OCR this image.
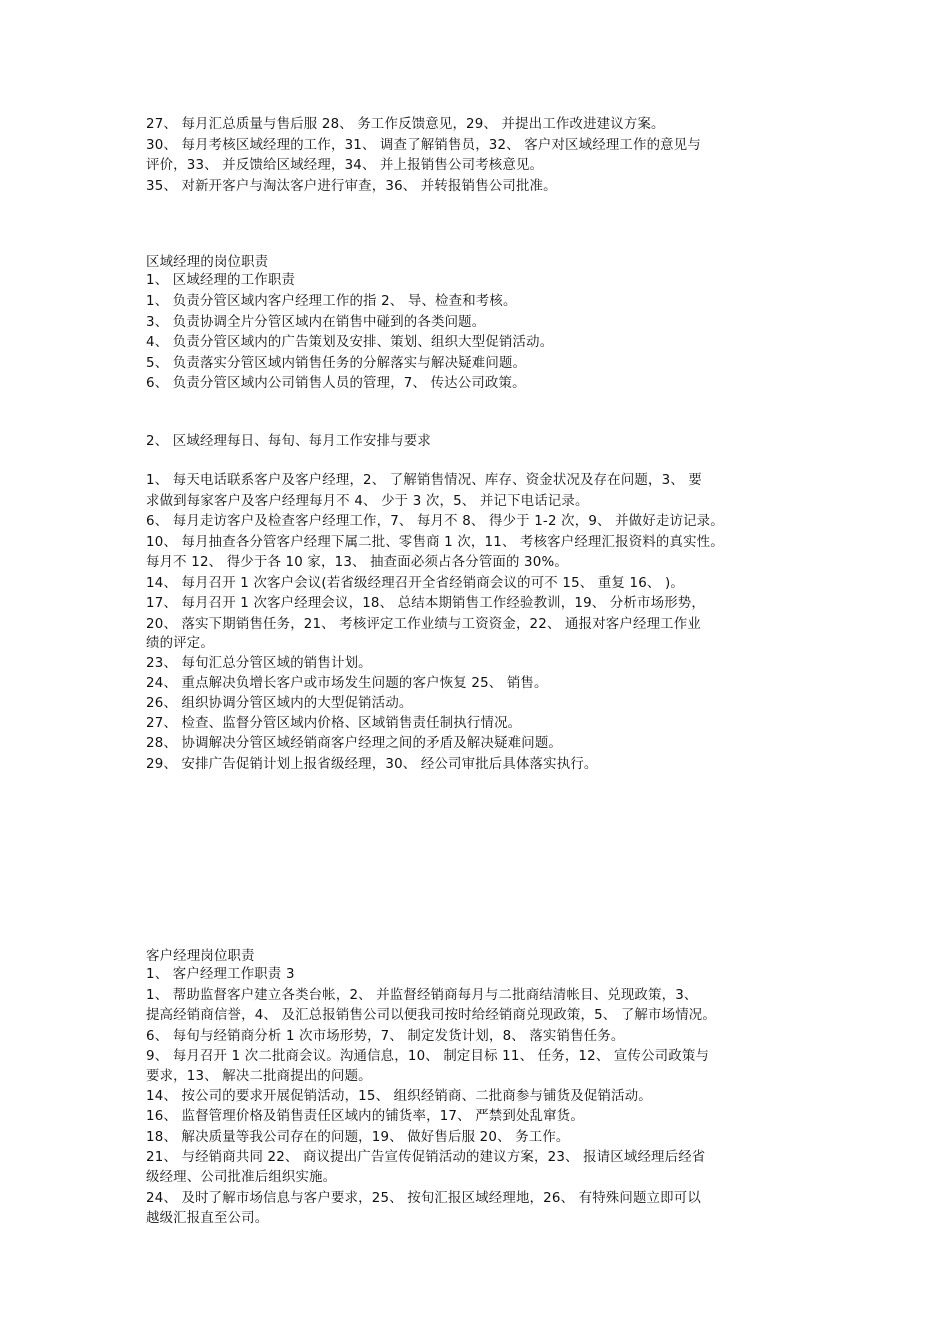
27、 每月汇总质量与售后服 28、 务工作反馈意见，29、 并提出工作改进建议方案。
30、 每月考核区域经理的工作，31、 调查了解销售员，32、 客户对区域经理工作的意见与
评价，33、 并反馈给区域经理，34、 并上报销售公司考核意见。
35、 对新开客户与淘汰客户进行审查，36、 并转报销售公司批准。
区域经理的岗位职责
1、 区域经理的工作职责
1、 负责分管区域内客户经理工作的指 2、 导、检查和考核。
3、 负责协调全片分管区域内在销售中碰到的各类问题。
4、 负责分管区域内的广告策划及安排、策划、组织大型促销活动。
5、 负责落实分管区域内销售任务的分解落实与解决疑难问题。
6、 负责分管区域内公司销售人员的管理，7、 传达公司政策。
2、 区域经理每日、每旬、每月工作安排与要求
1、 每天电话联系客户及客户经理，2、 了解销售情况、库存、资金状况及存在问题，3、 要
求做到每家客户及客户经理每月不 4、 少于 3 次，5、 并记下电话记录。
6、 每月走访客户及检查客户经理工作，7、 每月不 8、 得少于 1-2 次，9、 并做好走访记录。
10、 每月抽查各分管客户经理下属二批、零售商 1 次，11、 考核客户经理汇报资料的真实性。
每月不 12、 得少于各 10 家，13、 抽查面必须占各分管面的 30%。
14、 每月召开 1 次客户会议(若省级经理召开全省经销商会议的可不 15、 重复 16、 )。
17、 每月召开 1 次客户经理会议，18、 总结本期销售工作经验教训，19、 分析市场形势，
20、 落实下期销售任务，21、 考核评定工作业绩与工资资金，22、 通报对客户经理工作业
绩的评定。
23、 每旬汇总分管区域的销售计划。
24、 重点解决负增长客户或市场发生问题的客户恢复 25、 销售。
26、 组织协调分管区域内的大型促销活动。
27、 检查、监督分管区域内价格、区域销售责任制执行情况。
28、 协调解决分管区域经销商客户经理之间的矛盾及解决疑难问题。
29、 安排广告促销计划上报省级经理，30、 经公司审批后具体落实执行。
客户经理岗位职责
1、 客户经理工作职责 3
1、 帮助监督客户建立各类台帐，2、 并监督经销商每月与二批商结清帐目、兑现政策，3、
提高经销商信誉，4、 及汇总报销售公司以便我司按时给经销商兑现政策，5、 了解市场情况。
6、 每旬与经销商分析 1 次市场形势，7、 制定发货计划，8、 落实销售任务。
9、 每月召开 1 次二批商会议。沟通信息，10、 制定目标 11、 任务，12、 宣传公司政策与
要求，13、 解决二批商提出的问题。
14、 按公司的要求开展促销活动，15、 组织经销商、二批商参与铺货及促销活动。
16、 监督管理价格及销售责任区域内的铺货率，17、 严禁到处乱窜货。
18、 解决质量等我公司存在的问题，19、 做好售后服 20、 务工作。
21、 与经销商共同 22、 商议提出广告宣传促销活动的建议方案，23、 报请区域经理后经省
级经理、公司批准后组织实施。
24、 及时了解市场信息与客户要求，25、 按旬汇报区域经理地，26、 有特殊问题立即可以
越级汇报直至公司。
